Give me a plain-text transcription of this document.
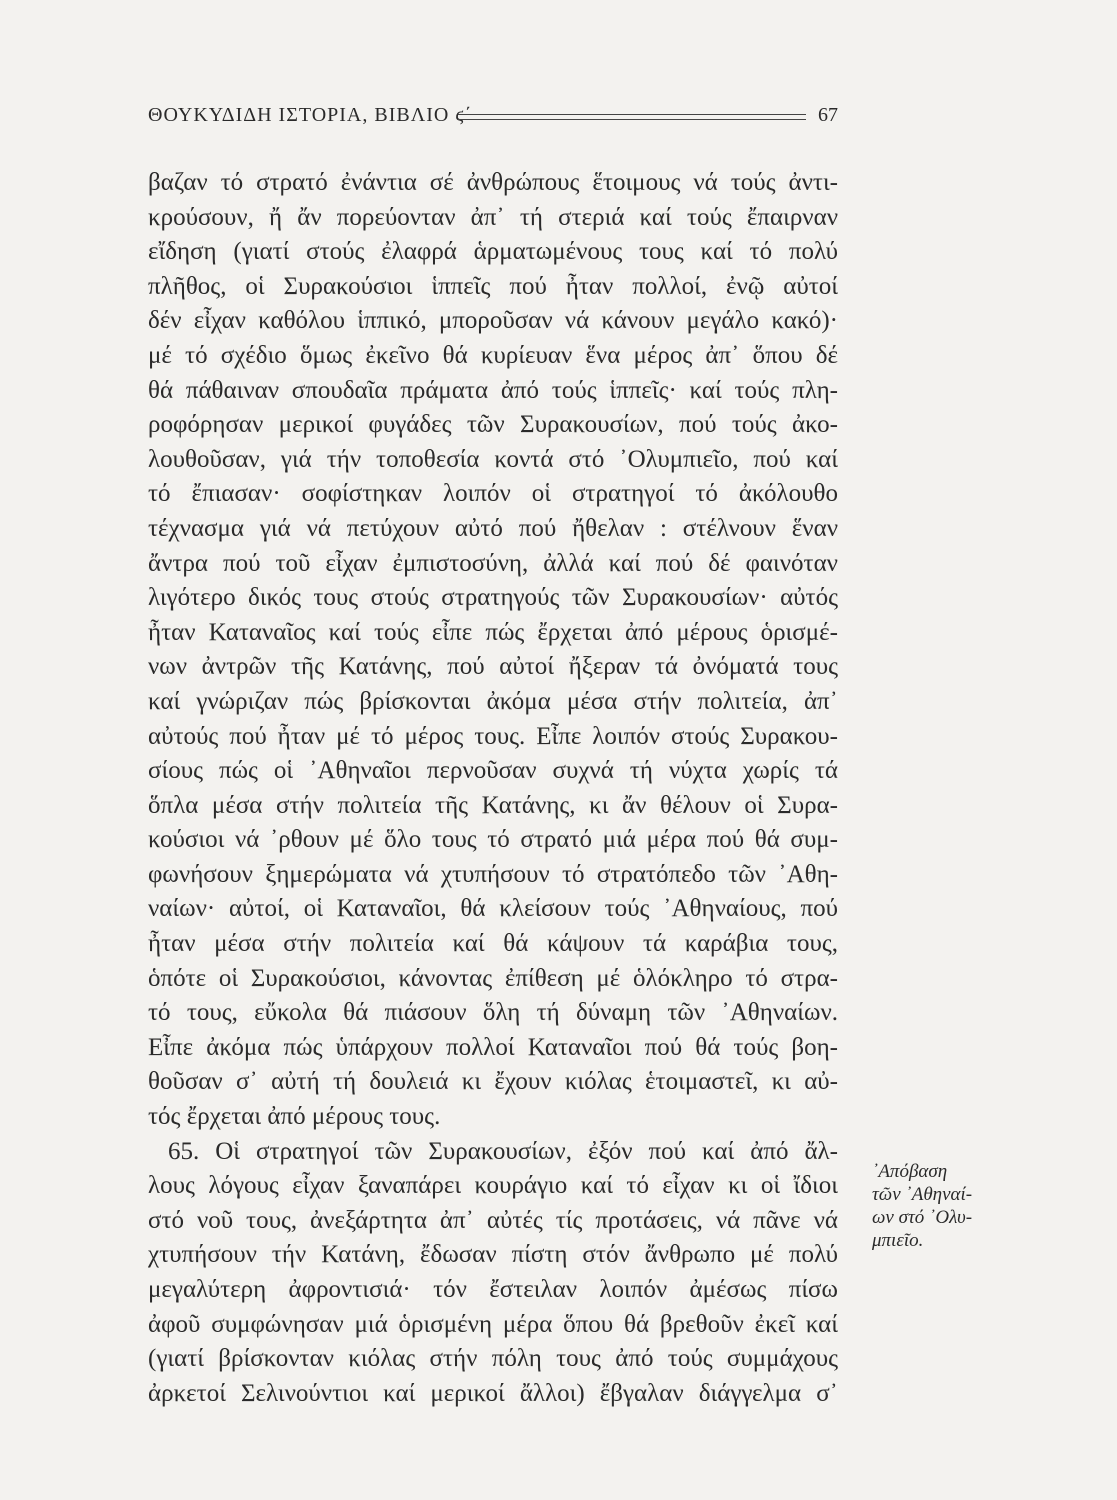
ΘΟΥΚΥΔΙΔΗ ΙΣΤΟΡΙΑ, ΒΙΒΛΙΟ ϛ΄	67
βαζαν τό στρατό ἐνάντια σέ ἀνθρώπους ἕτοιμους νά τούς ἀντι-
κρούσουν, ἤ ἄν πορεύονταν ἀπ᾽ τή στεριά καί τούς ἔπαιρναν
εἴδηση (γιατί στούς ἐλαφρά ἁρματωμένους τους καί τό πολύ
πλῆθος, οἱ Συρακούσιοι ἱππεῖς πού ἦταν πολλοί, ἐνῷ αὐτοί
δέν εἶχαν καθόλου ἱππικό, μποροῦσαν νά κάνουν μεγάλο κακό)·
μέ τό σχέδιο ὅμως ἐκεῖνο θά κυρίευαν ἕνα μέρος ἀπ᾽ ὅπου δέ
θά πάθαιναν σπουδαῖα πράματα ἀπό τούς ἱππεῖς· καί τούς πλη-
ροφόρησαν μερικοί φυγάδες τῶν Συρακουσίων, πού τούς ἀκο-
λουθοῦσαν, γιά τήν τοποθεσία κοντά στό ᾿Ολυμπιεῖο, πού καί
τό ἔπιασαν· σοφίστηκαν λοιπόν οἱ στρατηγοί τό ἀκόλουθο
τέχνασμα γιά νά πετύχουν αὐτό πού ἤθελαν : στέλνουν ἕναν
ἄντρα πού τοῦ εἶχαν ἐμπιστοσύνη, ἀλλά καί πού δέ φαινόταν
λιγότερο δικός τους στούς στρατηγούς τῶν Συρακουσίων· αὐτός
ἦταν Καταναῖος καί τούς εἶπε πώς ἔρχεται ἀπό μέρους ὁρισμέ-
νων ἀντρῶν τῆς Κατάνης, πού αὐτοί ἤξεραν τά ὀνόματά τους
καί γνώριζαν πώς βρίσκονται ἀκόμα μέσα στήν πολιτεία, ἀπ᾽
αὐτούς πού ἦταν μέ τό μέρος τους. Εἶπε λοιπόν στούς Συρακου-
σίους πώς οἱ ᾿Αθηναῖοι περνοῦσαν συχνά τή νύχτα χωρίς τά
ὅπλα μέσα στήν πολιτεία τῆς Κατάνης, κι ἄν θέλουν οἱ Συρα-
κούσιοι νά ᾿ρθουν μέ ὅλο τους τό στρατό μιά μέρα πού θά συμ-
φωνήσουν ξημερώματα νά χτυπήσουν τό στρατόπεδο τῶν ᾿Αθη-
ναίων· αὐτοί, οἱ Καταναῖοι, θά κλείσουν τούς ᾿Αθηναίους, πού
ἦταν μέσα στήν πολιτεία καί θά κάψουν τά καράβια τους,
ὁπότε οἱ Συρακούσιοι, κάνοντας ἐπίθεση μέ ὁλόκληρο τό στρα-
τό τους, εὔκολα θά πιάσουν ὅλη τή δύναμη τῶν ᾿Αθηναίων.
Εἶπε ἀκόμα πώς ὑπάρχουν πολλοί Καταναῖοι πού θά τούς βοη-
θοῦσαν σ᾽ αὐτή τή δουλειά κι ἔχουν κιόλας ἑτοιμαστεῖ, κι αὐ-
τός ἔρχεται ἀπό μέρους τους.
65. Οἱ στρατηγοί τῶν Συρακουσίων, ἐξόν πού καί ἀπό ἄλ-
λους λόγους εἶχαν ξαναπάρει κουράγιο καί τό εἶχαν κι οἱ ἴδιοι
στό νοῦ τους, ἀνεξάρτητα ἀπ᾽ αὐτές τίς προτάσεις, νά πᾶνε νά
χτυπήσουν τήν Κατάνη, ἔδωσαν πίστη στόν ἄνθρωπο μέ πολύ
μεγαλύτερη ἀφροντισιά· τόν ἔστειλαν λοιπόν ἀμέσως πίσω
ἀφοῦ συμφώνησαν μιά ὁρισμένη μέρα ὅπου θά βρεθοῦν ἐκεῖ καί
(γιατί βρίσκονταν κιόλας στήν πόλη τους ἀπό τούς συμμάχους
ἀρκετοί Σελινούντιοι καί μερικοί ἄλλοι) ἔβγαλαν διάγγελμα σ᾽
᾿Απόβαση
τῶν ᾿Αθηναί-
ων στό ᾿Ολυ-
μπιεῖο.
